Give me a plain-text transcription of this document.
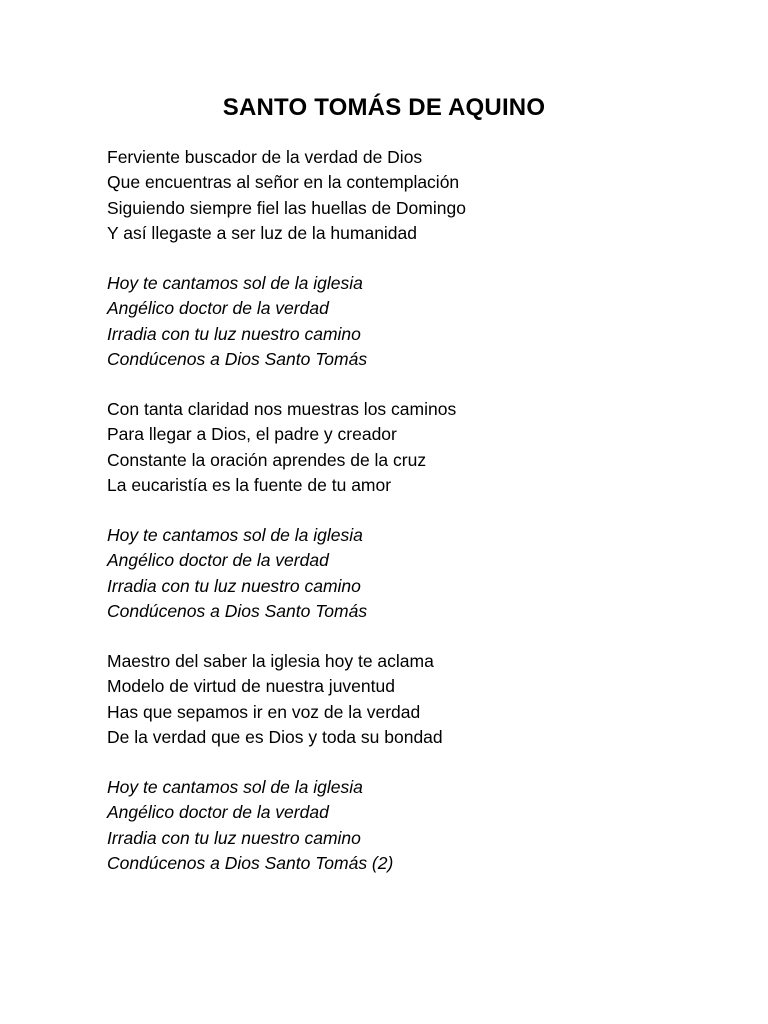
SANTO TOMÁS DE AQUINO
Ferviente buscador de la verdad de Dios
Que encuentras al señor en la contemplación
Siguiendo siempre fiel las huellas de Domingo
Y así llegaste a ser luz de la humanidad
Hoy te cantamos sol de la iglesia
Angélico doctor de la verdad
Irradia con tu luz nuestro camino
Condúcenos a Dios Santo Tomás
Con tanta claridad nos muestras los caminos
Para llegar a Dios, el padre y creador
Constante la oración aprendes de la cruz
La eucaristía es la fuente de tu amor
Hoy te cantamos sol de la iglesia
Angélico doctor de la verdad
Irradia con tu luz nuestro camino
Condúcenos a Dios Santo Tomás
Maestro del saber la iglesia hoy te aclama
Modelo de virtud de nuestra juventud
Has que sepamos ir en voz de la verdad
De la verdad que es Dios y toda su bondad
Hoy te cantamos sol de la iglesia
Angélico doctor de la verdad
Irradia con tu luz nuestro camino
Condúcenos a Dios Santo Tomás (2)
